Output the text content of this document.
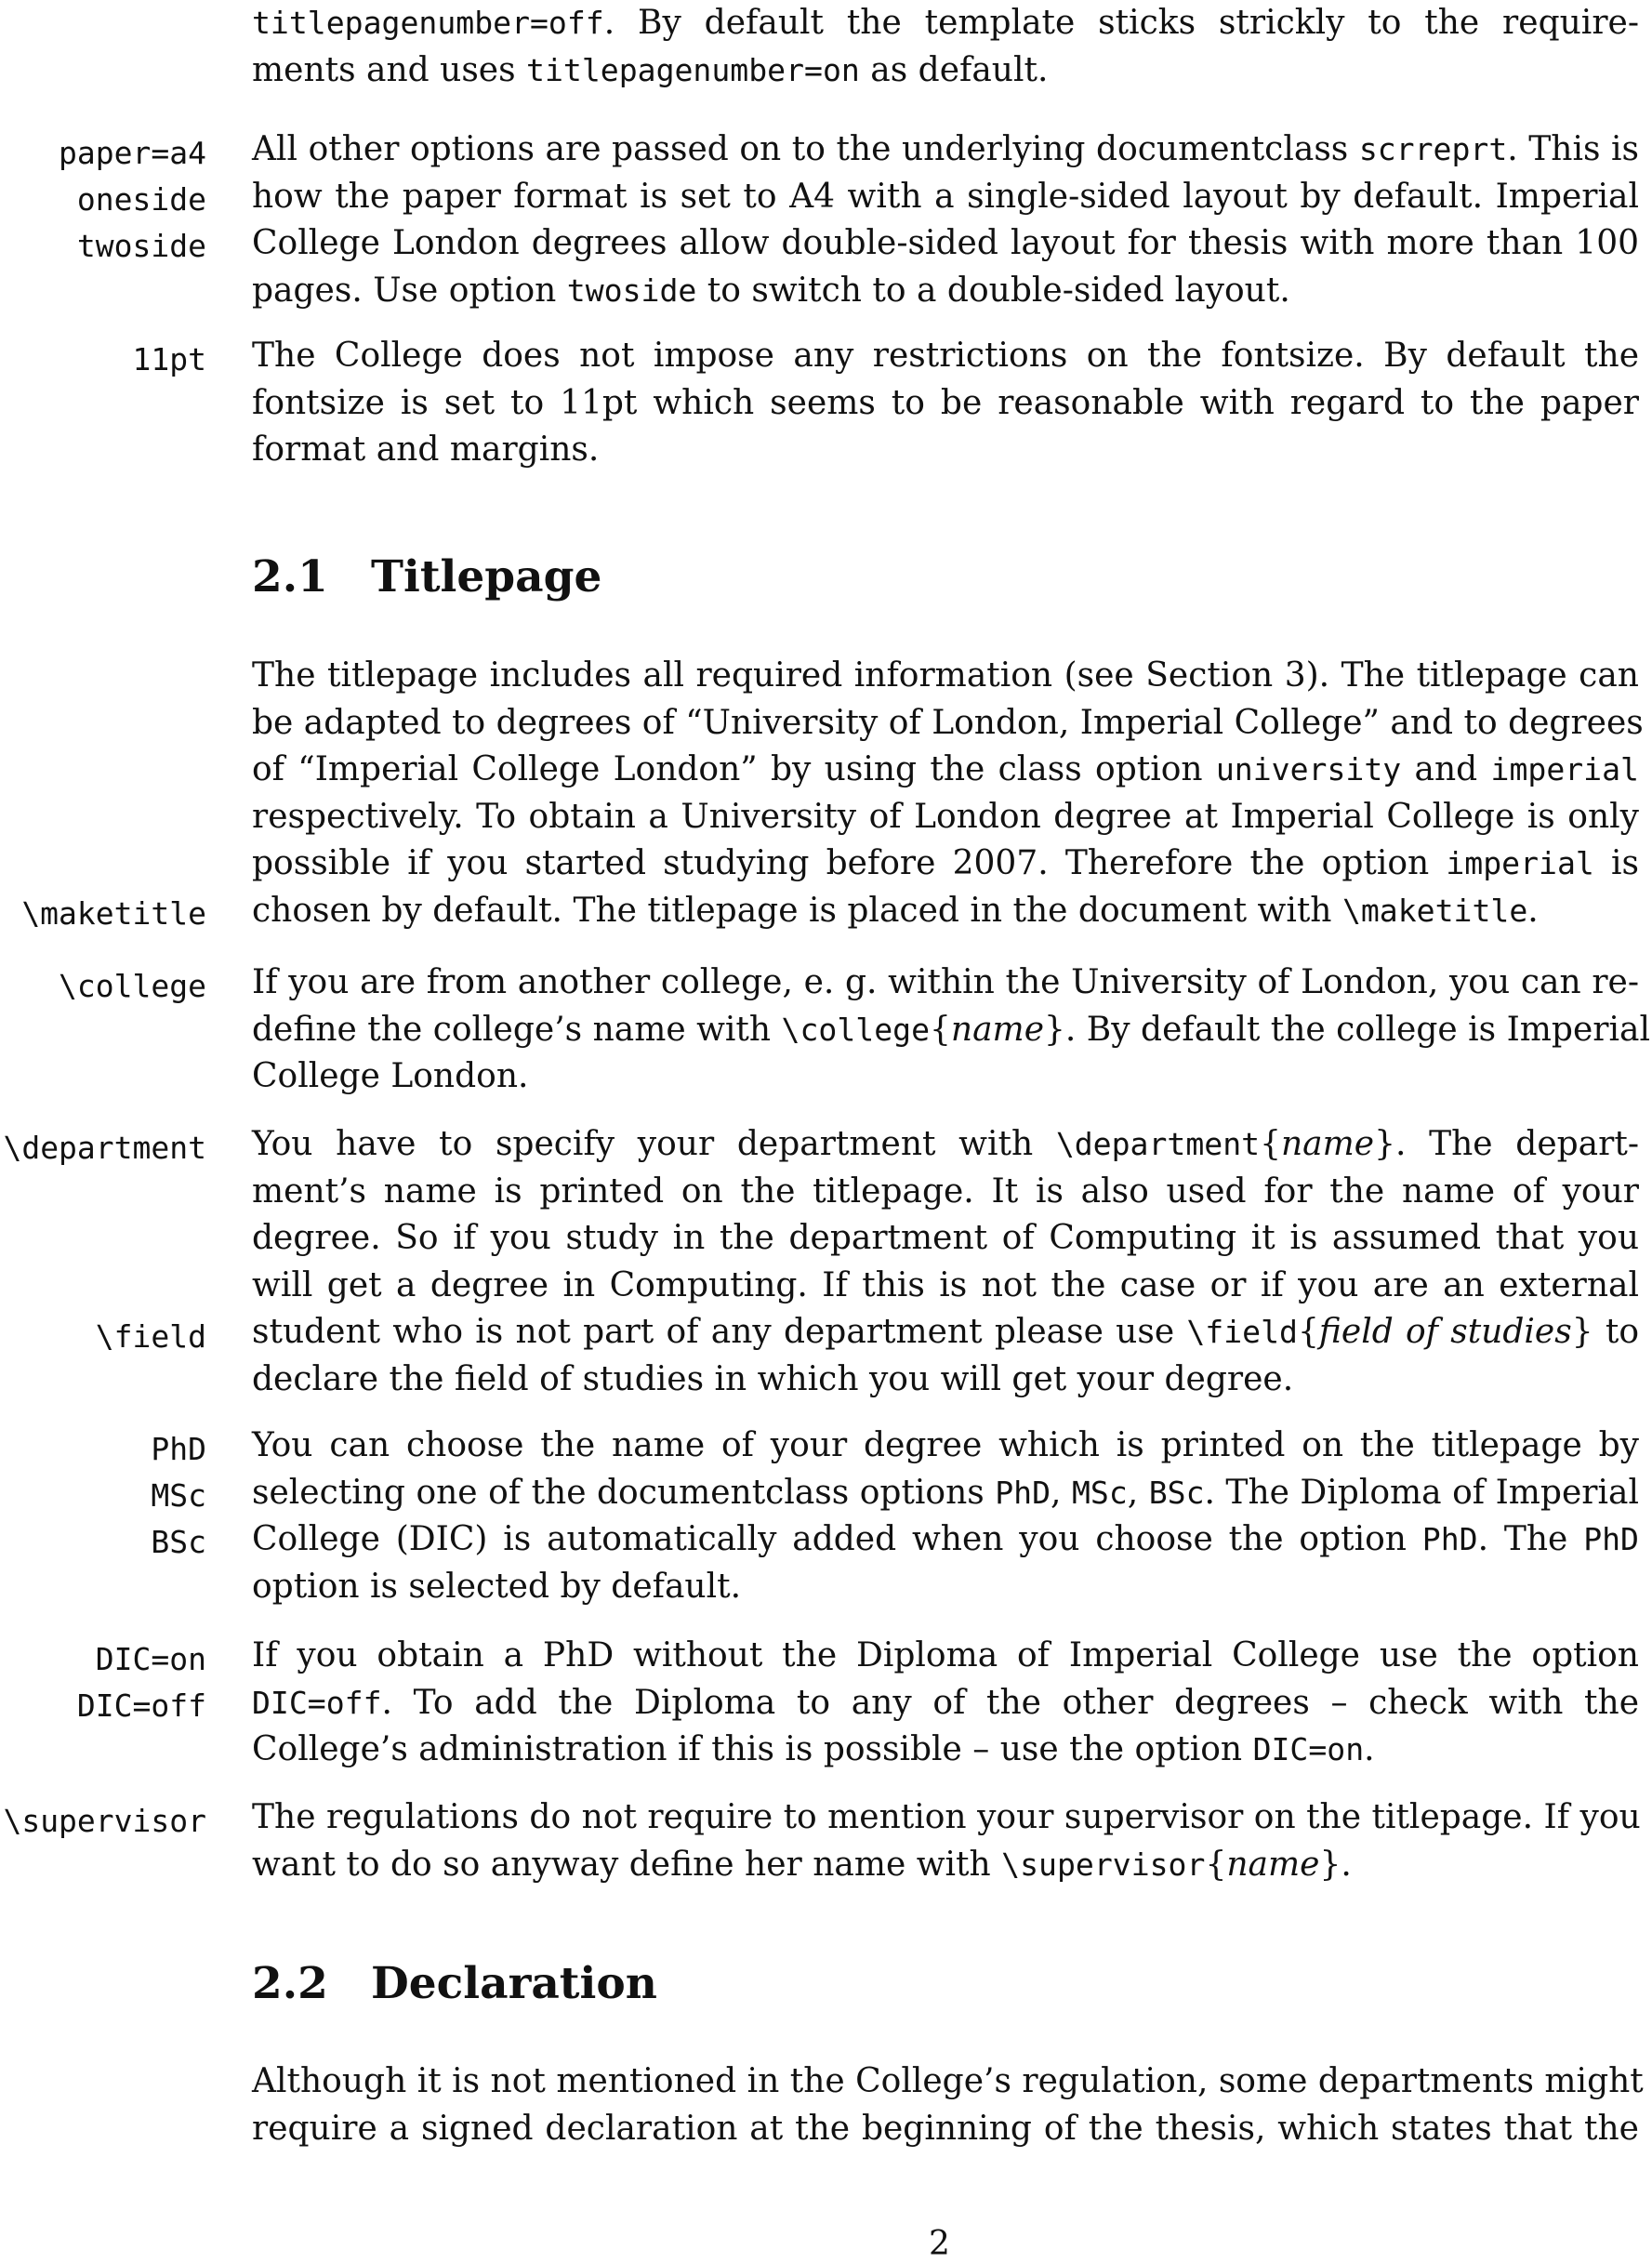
titlepagenumber=off. By default the template sticks strickly to the require-
ments and uses titlepagenumber=on as default.
paper=a4
oneside
twoside
All other options are passed on to the underlying documentclass scrreprt. This is
how the paper format is set to A4 with a single-sided layout by default. Imperial
College London degrees allow double-sided layout for thesis with more than 100
pages. Use option twoside to switch to a double-sided layout.
11pt The College does not impose any restrictions on the fontsize. By default the
fontsize is set to 11pt which seems to be reasonable with regard to the paper
format and margins.
2.1 Titlepage
The titlepage includes all required information (see Section 3). The titlepage can
be adapted to degrees of “University of London, Imperial College” and to degrees
of “Imperial College London” by using the class option university and imperial
respectively. To obtain a University of London degree at Imperial College is only
possible if you started studying before 2007. Therefore the option imperial is
chosen by default. The titlepage is placed in the document with \maketitle.
\maketitle
\college If you are from another college, e. g. within the University of London, you can re-
define the college’s name with \college{name}. By default the college is Imperial
College London.
\department You have to specify your department with \department{name}. The depart-
ment’s name is printed on the titlepage. It is also used for the name of your
degree. So if you study in the department of Computing it is assumed that you
will get a degree in Computing. If this is not the case or if you are an external
student who is not part of any department please use \field{field of studies} to
declare the field of studies in which you will get your degree.
\field
PhD
MSc
BSc
You can choose the name of your degree which is printed on the titlepage by
selecting one of the documentclass options PhD, MSc, BSc. The Diploma of Imperial
College (DIC) is automatically added when you choose the option PhD. The PhD
option is selected by default.
DIC=on
DIC=off
If you obtain a PhD without the Diploma of Imperial College use the option
DIC=off. To add the Diploma to any of the other degrees – check with the
College’s administration if this is possible – use the option DIC=on.
\supervisor The regulations do not require to mention your supervisor on the titlepage. If you
want to do so anyway define her name with \supervisor{name}.
2.2 Declaration
Although it is not mentioned in the College’s regulation, some departments might
require a signed declaration at the beginning of the thesis, which states that the
2
